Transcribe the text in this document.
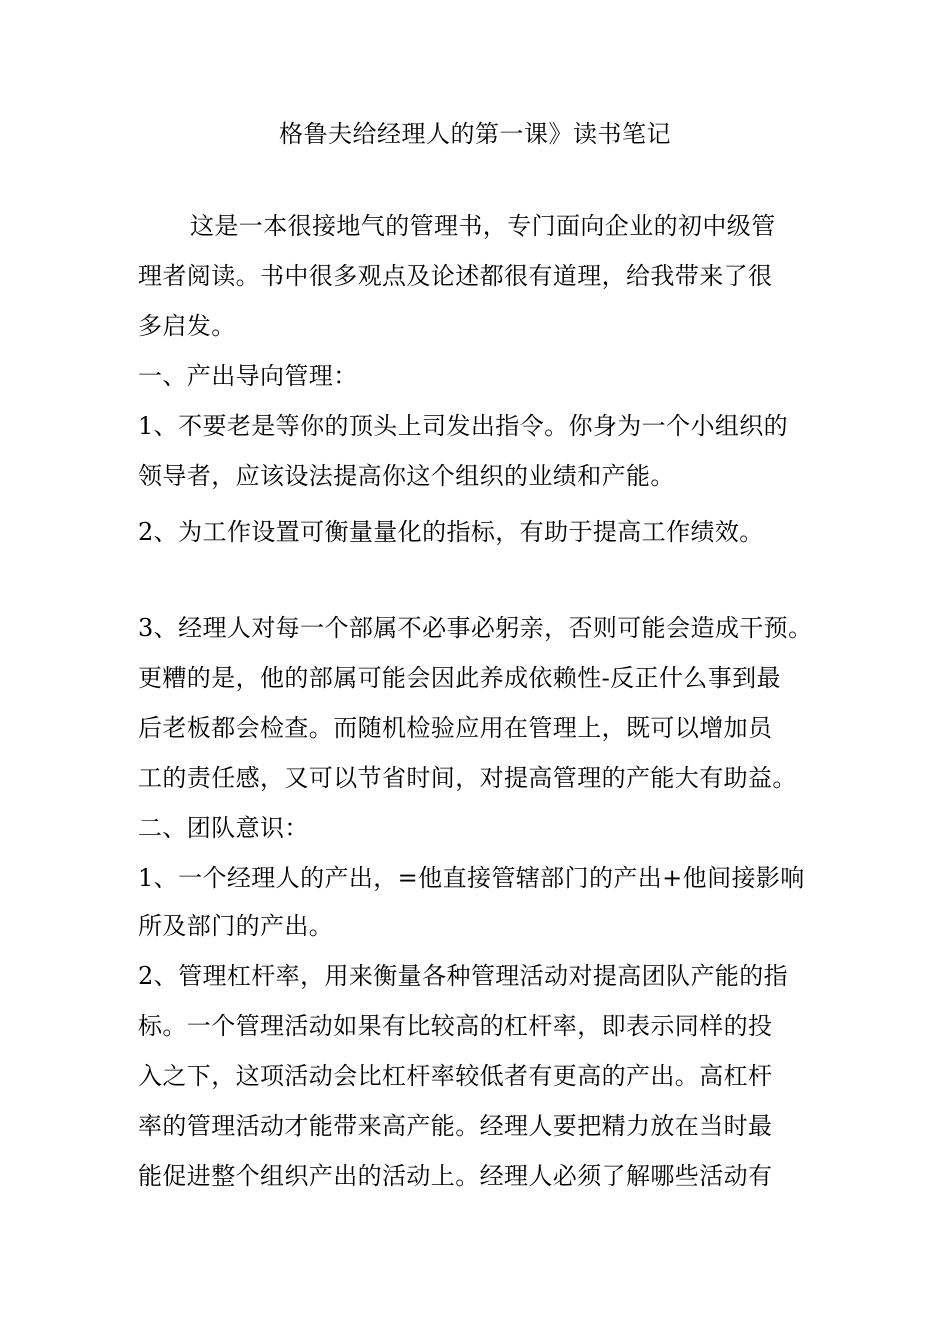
格鲁夫给经理人的第一课》读书笔记
这是一本很接地气的管理书，专门面向企业的初中级管
理者阅读。书中很多观点及论述都很有道理，给我带来了很
多启发。
一、产出导向管理：
1、不要老是等你的顶头上司发出指令。你身为一个小组织的
领导者，应该设法提高你这个组织的业绩和产能。
2、为工作设置可衡量量化的指标，有助于提高工作绩效。
3、经理人对每一个部属不必事必躬亲，否则可能会造成干预。
更糟的是，他的部属可能会因此养成依赖性-反正什么事到最
后老板都会检查。而随机检验应用在管理上，既可以增加员
工的责任感，又可以节省时间，对提高管理的产能大有助益。
二、团队意识：
1、一个经理人的产出，=他直接管辖部门的产出+他间接影响
所及部门的产出。
2、管理杠杆率，用来衡量各种管理活动对提高团队产能的指
标。一个管理活动如果有比较高的杠杆率，即表示同样的投
入之下，这项活动会比杠杆率较低者有更高的产出。高杠杆
率的管理活动才能带来高产能。经理人要把精力放在当时最
能促进整个组织产出的活动上。经理人必须了解哪些活动有
